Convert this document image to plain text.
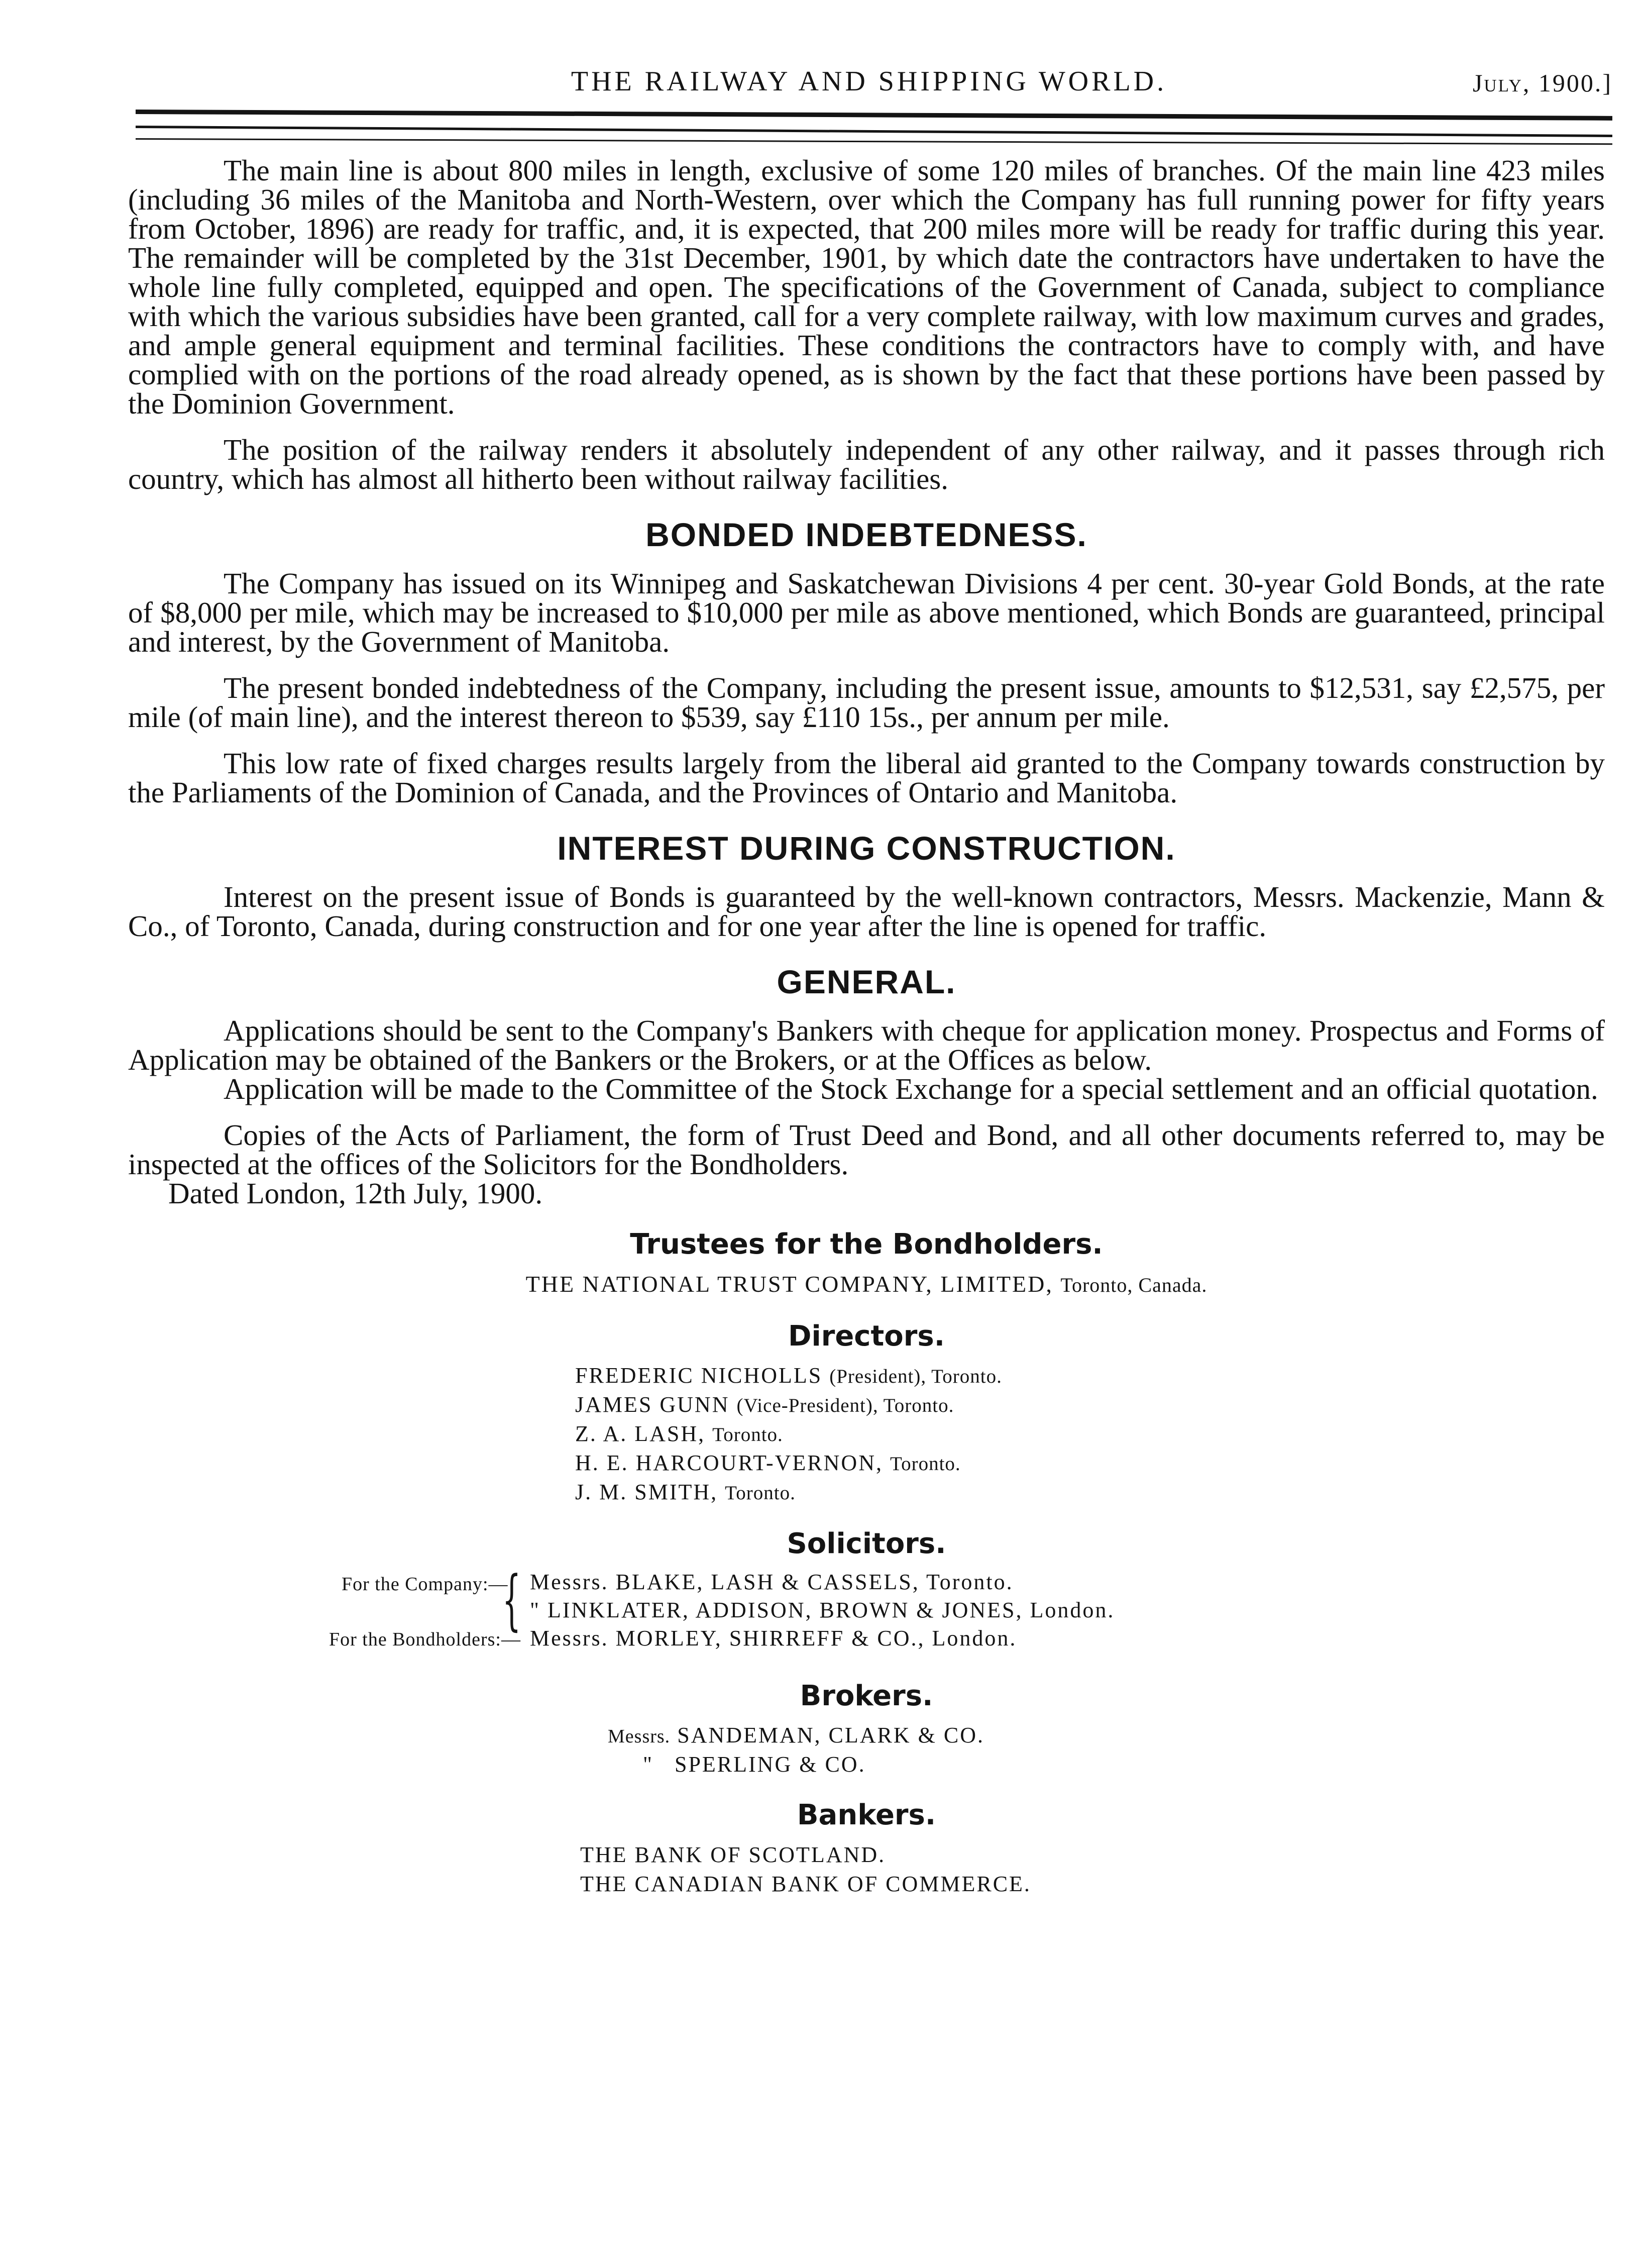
THE RAILWAY AND SHIPPING WORLD.	July, 1900.]

The main line is about 800 miles in length, exclusive of some 120 miles of branches. Of the main line 423 miles (including 36 miles of the Manitoba and North-Western, over which the Company has full running power for fifty years from October, 1896) are ready for traffic, and, it is expected, that 200 miles more will be ready for traffic during this year. The remainder will be completed by the 31st December, 1901, by which date the contractors have undertaken to have the whole line fully completed, equipped and open. The specifications of the Government of Canada, subject to compliance with which the various subsidies have been granted, call for a very complete railway, with low maximum curves and grades, and ample general equipment and terminal facilities. These conditions the contractors have to comply with, and have complied with on the portions of the road already opened, as is shown by the fact that these portions have been passed by the Dominion Government.

The position of the railway renders it absolutely independent of any other railway, and it passes through rich country, which has almost all hitherto been without railway facilities.

BONDED INDEBTEDNESS.

The Company has issued on its Winnipeg and Saskatchewan Divisions 4 per cent. 30-year Gold Bonds, at the rate of $8,000 per mile, which may be increased to $10,000 per mile as above mentioned, which Bonds are guaranteed, principal and interest, by the Government of Manitoba.

The present bonded indebtedness of the Company, including the present issue, amounts to $12,531, say £2,575, per mile (of main line), and the interest thereon to $539, say £110 15s., per annum per mile.

This low rate of fixed charges results largely from the liberal aid granted to the Company towards construction by the Parliaments of the Dominion of Canada, and the Provinces of Ontario and Manitoba.

INTEREST DURING CONSTRUCTION.

Interest on the present issue of Bonds is guaranteed by the well-known contractors, Messrs. Mackenzie, Mann & Co., of Toronto, Canada, during construction and for one year after the line is opened for traffic.

GENERAL.

Applications should be sent to the Company's Bankers with cheque for application money. Prospectus and Forms of Application may be obtained of the Bankers or the Brokers, or at the Offices as below.

Application will be made to the Committee of the Stock Exchange for a special settlement and an official quotation.

Copies of the Acts of Parliament, the form of Trust Deed and Bond, and all other documents referred to, may be inspected at the offices of the Solicitors for the Bondholders.

Dated London, 12th July, 1900.
Trustees for the Bondholders.
THE NATIONAL TRUST COMPANY, LIMITED, Toronto, Canada.
Directors.
FREDERIC NICHOLLS (President), Toronto.
JAMES GUNN (Vice-President), Toronto.
Z. A. LASH, Toronto.
H. E. HARCOURT-VERNON, Toronto.
J. M. SMITH, Toronto.
Solicitors.
For the Company:—
{ Messrs. BLAKE, LASH & CASSELS, Toronto.
" LINKLATER, ADDISON, BROWN & JONES, London.
For the Bondholders:— Messrs. MORLEY, SHIRREFF & CO., London.
Brokers.
Messrs. SANDEMAN, CLARK & CO.
" SPERLING & CO.
Bankers.
THE BANK OF SCOTLAND.
THE CANADIAN BANK OF COMMERCE.
